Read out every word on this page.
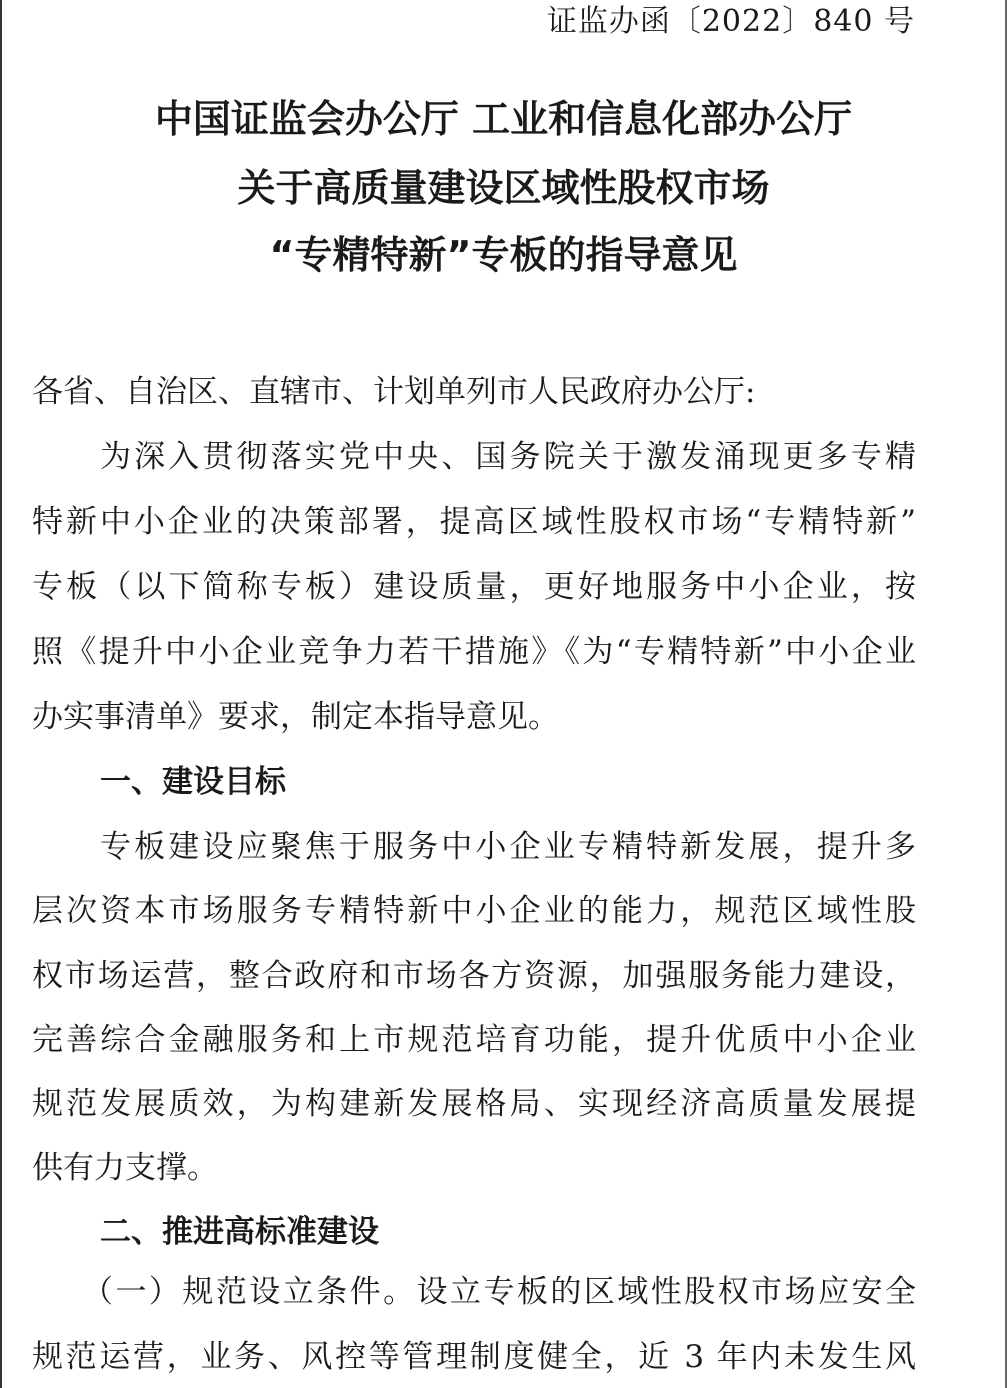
证监办函〔2022〕840 号
中国证监会办公厅 工业和信息化部办公厅
关于高质量建设区域性股权市场
“专精特新”专板的指导意见
各省、自治区、直辖市、计划单列市人民政府办公厅:
为深入贯彻落实党中央、国务院关于激发涌现更多专精
特新中小企业的决策部署，提高区域性股权市场“专精特新”
专板（以下简称专板）建设质量，更好地服务中小企业，按
照《提升中小企业竞争力若干措施》《为“专精特新”中小企业
办实事清单》要求，制定本指导意见。
一、建设目标
专板建设应聚焦于服务中小企业专精特新发展，提升多
层次资本市场服务专精特新中小企业的能力，规范区域性股
权市场运营，整合政府和市场各方资源，加强服务能力建设，
完善综合金融服务和上市规范培育功能，提升优质中小企业
规范发展质效，为构建新发展格局、实现经济高质量发展提
供有力支撑。
二、推进高标准建设
（一）规范设立条件。设立专板的区域性股权市场应安全
规范运营，业务、风控等管理制度健全，近 3 年内未发生风
